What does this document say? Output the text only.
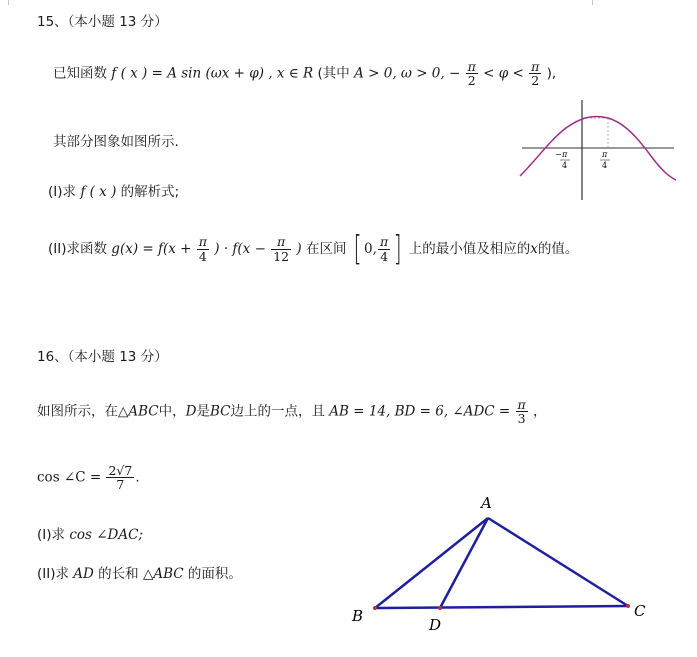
15、（本小题 13 分）
已知函数 f ( x ) = A sin (ωx + φ) , x ∈ R (其中 A > 0, ω > 0, − $\frac{\pi}{2} < \varphi < \frac{\pi}{2}$ ),
其部分图象如图所示.
− π
4
π
4
(I)求 f ( x ) 的解析式;
(II)求函数 $g(x) = f(x + \frac{\pi}{4}$ ) · $f(x - \frac{\pi}{12}$ ) 在区间 [ 0, $\frac{\pi}{4}$ ] 上的最小值及相应的x的值。
16、（本小题 13 分）
如图所示，在△ABC中，D是BC边上的一点，且 AB = 14, BD = 6, ∠ADC = $\frac{\pi}{3}$ ，
cos ∠C = $\frac{2√7}{7}$ .
(I)求 cos ∠DAC;
(II)求 AD 的长和 △ABC 的面积。
A
B	C
D
